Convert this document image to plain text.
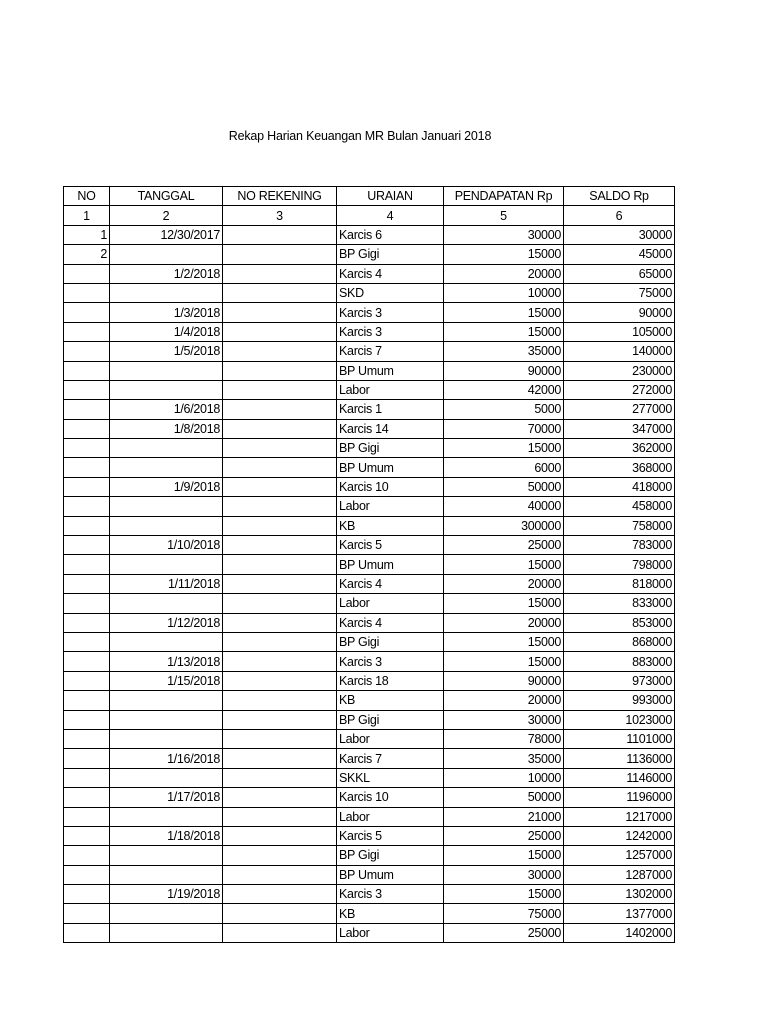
Rekap Harian Keuangan MR Bulan Januari 2018
NO	TANGGAL	NO REKENING	URAIAN	PENDAPATAN Rp	SALDO Rp
1	2	3	4	5	6
1	12/30/2017		Karcis 6	30000	30000
2			BP Gigi	15000	45000
	1/2/2018		Karcis 4	20000	65000
			SKD	10000	75000
	1/3/2018		Karcis 3	15000	90000
	1/4/2018		Karcis 3	15000	105000
	1/5/2018		Karcis 7	35000	140000
			BP Umum	90000	230000
			Labor	42000	272000
	1/6/2018		Karcis 1	5000	277000
	1/8/2018		Karcis 14	70000	347000
			BP Gigi	15000	362000
			BP Umum	6000	368000
	1/9/2018		Karcis 10	50000	418000
			Labor	40000	458000
			KB	300000	758000
	1/10/2018		Karcis 5	25000	783000
			BP Umum	15000	798000
	1/11/2018		Karcis 4	20000	818000
			Labor	15000	833000
	1/12/2018		Karcis 4	20000	853000
			BP Gigi	15000	868000
	1/13/2018		Karcis 3	15000	883000
	1/15/2018		Karcis 18	90000	973000
			KB	20000	993000
			BP Gigi	30000	1023000
			Labor	78000	1101000
	1/16/2018		Karcis 7	35000	1136000
			SKKL	10000	1146000
	1/17/2018		Karcis 10	50000	1196000
			Labor	21000	1217000
	1/18/2018		Karcis 5	25000	1242000
			BP Gigi	15000	1257000
			BP Umum	30000	1287000
	1/19/2018		Karcis 3	15000	1302000
			KB	75000	1377000
			Labor	25000	1402000
